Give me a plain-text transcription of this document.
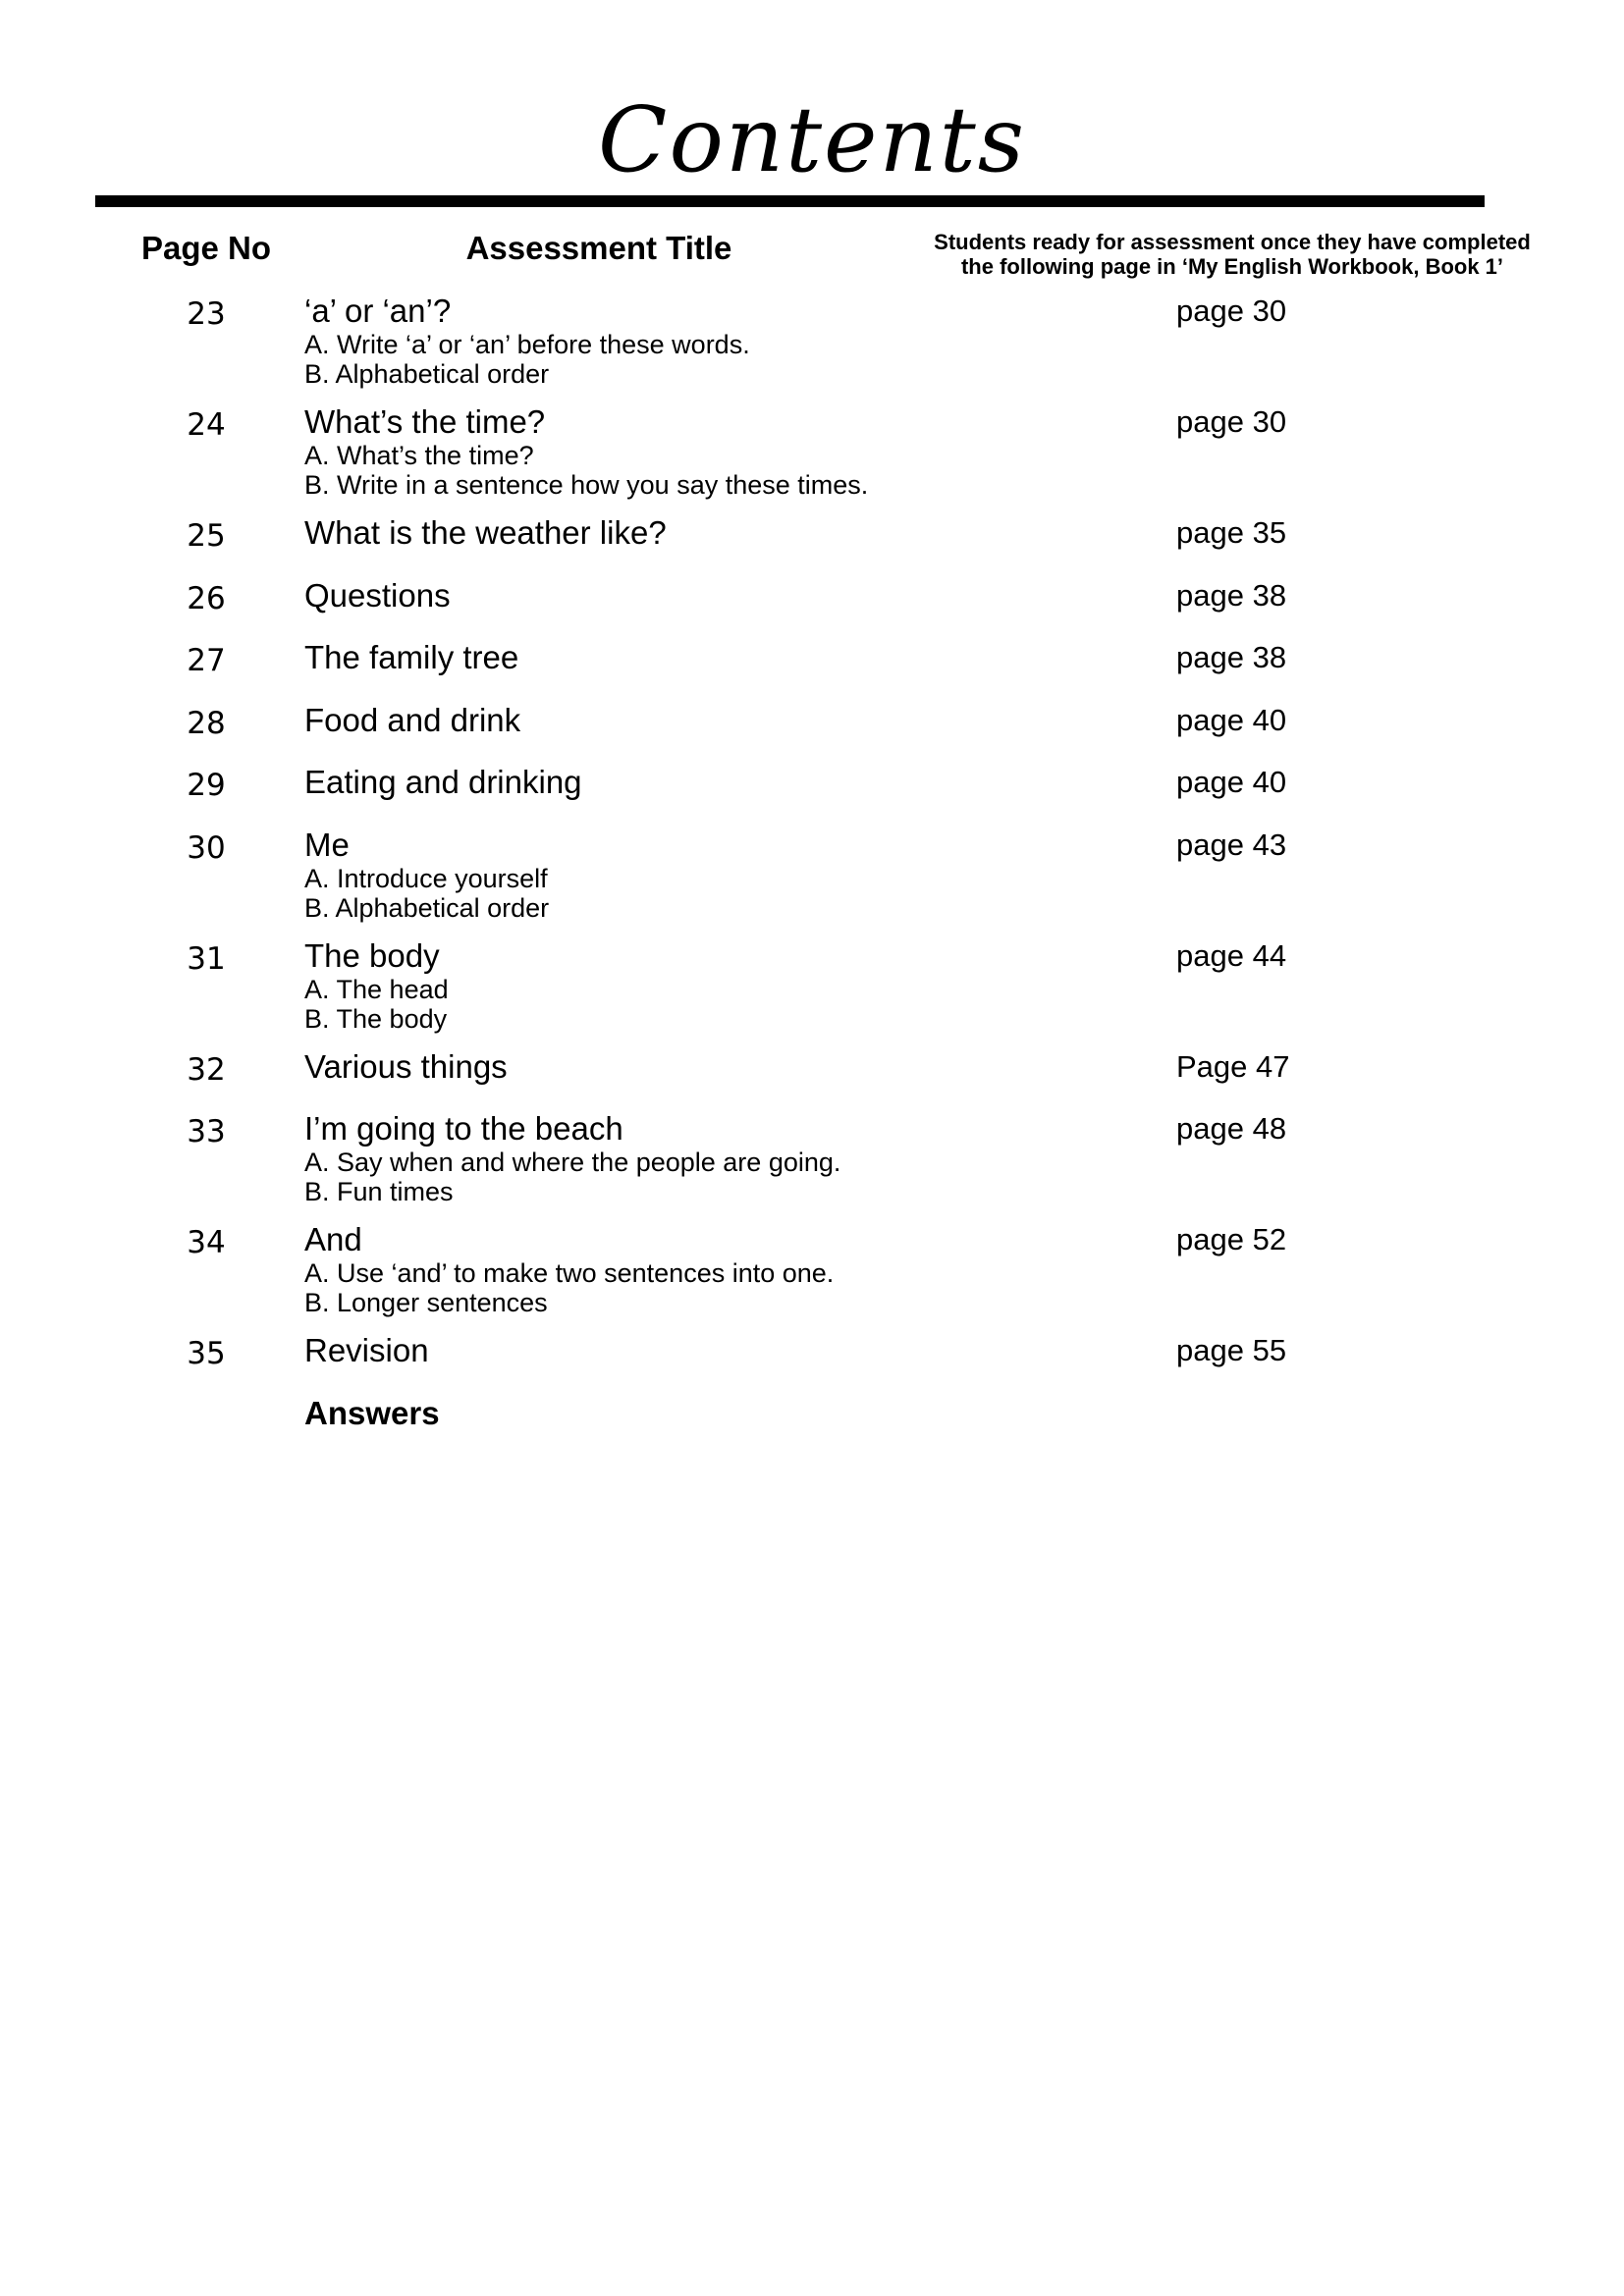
Contents
Page No	Assessment Title	Students ready for assessment once they have completed
the following page in ‘My English Workbook, Book 1’
23	‘a’ or ‘an’?
A. Write ‘a’ or ‘an’ before these words.
B. Alphabetical order
page 30
24	What’s the time?
A. What’s the time?
B. Write in a sentence how you say these times.
page 30
25	What is the weather like?	page 35
26	Questions	page 38
27	The family tree	page 38
28	Food and drink	page 40
29	Eating and drinking	page 40
30	Me
A. Introduce yourself
B. Alphabetical order
page 43
31	The body
A. The head
B. The body
page 44
32	Various things	Page 47
33	I’m going to the beach
A. Say when and where the people are going.
B. Fun times
page 48
34	And
A. Use ‘and’ to make two sentences into one.
B. Longer sentences
page 52
35	Revision	page 55
Answers
